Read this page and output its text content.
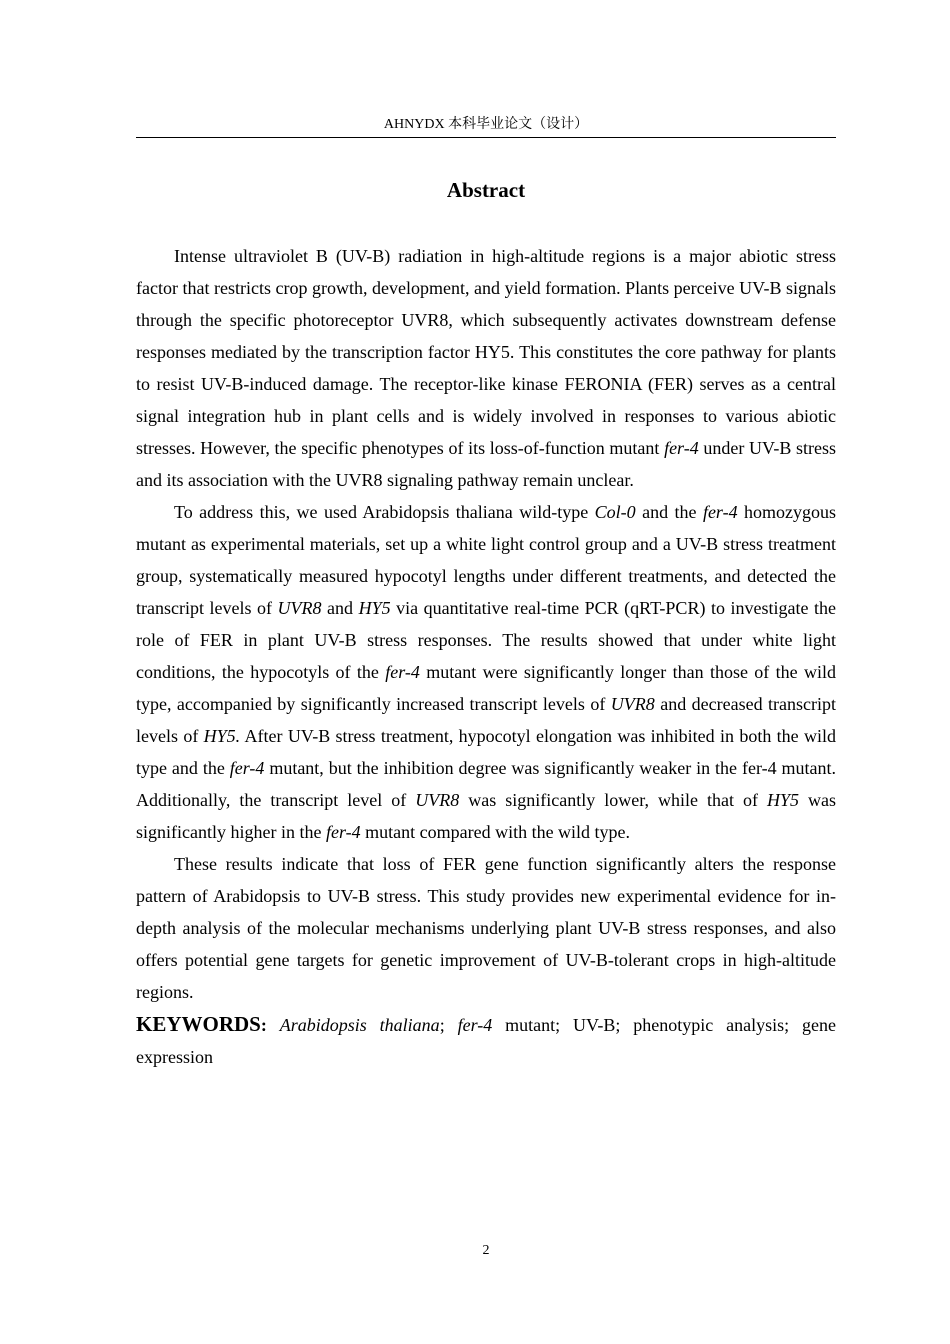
AHNYDX 本科毕业论文（设计）
Abstract

Intense ultraviolet B (UV-B) radiation in high-altitude regions is a major abiotic stress factor that restricts crop growth, development, and yield formation. Plants perceive UV-B signals through the specific photoreceptor UVR8, which subsequently activates downstream defense responses mediated by the transcription factor HY5. This constitutes the core pathway for plants to resist UV-B-induced damage. The receptor-like kinase FERONIA (FER) serves as a central signal integration hub in plant cells and is widely involved in responses to various abiotic stresses. However, the specific phenotypes of its loss-of-function mutant fer-4 under UV-B stress and its association with the UVR8 signaling pathway remain unclear.

To address this, we used Arabidopsis thaliana wild-type Col-0 and the fer-4 homozygous mutant as experimental materials, set up a white light control group and a UV-B stress treatment group, systematically measured hypocotyl lengths under different treatments, and detected the transcript levels of UVR8 and HY5 via quantitative real-time PCR (qRT-PCR) to investigate the role of FER in plant UV-B stress responses. The results showed that under white light conditions, the hypocotyls of the fer-4 mutant were significantly longer than those of the wild type, accompanied by significantly increased transcript levels of UVR8 and decreased transcript levels of HY5. After UV-B stress treatment, hypocotyl elongation was inhibited in both the wild type and the fer-4 mutant, but the inhibition degree was significantly weaker in the fer-4 mutant. Additionally, the transcript level of UVR8 was significantly lower, while that of HY5 was significantly higher in the fer-4 mutant compared with the wild type.

These results indicate that loss of FER gene function significantly alters the response pattern of Arabidopsis to UV-B stress. This study provides new experimental evidence for in-depth analysis of the molecular mechanisms underlying plant UV-B stress responses, and also offers potential gene targets for genetic improvement of UV-B-tolerant crops in high-altitude regions.

KEYWORDS: Arabidopsis thaliana; fer-4 mutant; UV-B; phenotypic analysis; gene expression

2
